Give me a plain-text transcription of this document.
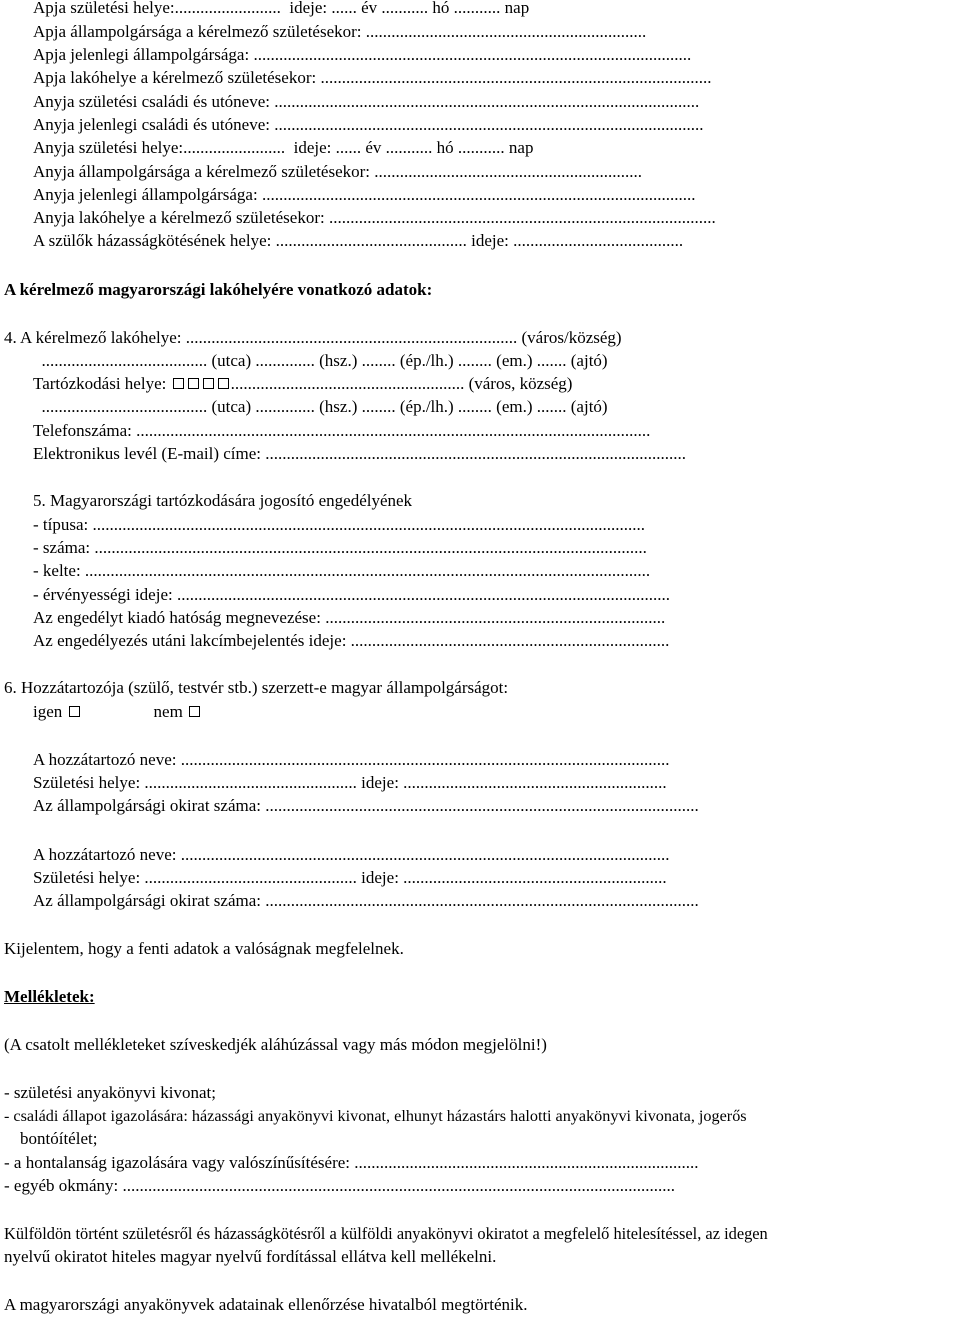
Apja születési helye:.........................  ideje: ...... év ........... hó ........... nap
Apja állampolgársága a kérelmező születésekor: ..................................................................
Apja jelenlegi állampolgársága: .......................................................................................................
Apja lakóhelye a kérelmező születésekor: ............................................................................................
Anyja születési családi és utóneve: ....................................................................................................
Anyja jelenlegi családi és utóneve: .....................................................................................................
Anyja születési helye:........................  ideje: ...... év ........... hó ........... nap
Anyja állampolgársága a kérelmező születésekor: ...............................................................
Anyja jelenlegi állampolgársága: ......................................................................................................
Anyja lakóhelye a kérelmező születésekor: ...........................................................................................
A szülők házasságkötésének helye: ............................................. ideje: ........................................
A kérelmező magyarországi lakóhelyére vonatkozó adatok:
4. A kérelmező lakóhelye: .............................................................................. (város/község)
....................................... (utca) .............. (hsz.) ........ (ép./lh.) ........ (em.) ....... (ajtó)
Tartózkodási helye:	....................................................... (város, község)
....................................... (utca) .............. (hsz.) ........ (ép./lh.) ........ (em.) ....... (ajtó)
Telefonszáma: .........................................................................................................................
Elektronikus levél (E-mail) címe: ...................................................................................................
5. Magyarországi tartózkodására jogosító engedélyének
- típusa: ..................................................................................................................................
- száma: ..................................................................................................................................
- kelte: .....................................................................................................................................
- érvényességi ideje: ....................................................................................................................
Az engedélyt kiadó hatóság megnevezése: ................................................................................
Az engedélyezés utáni lakcímbejelentés ideje: ...........................................................................
6. Hozzátartozója (szülő, testvér stb.) szerzett-e magyar állampolgárságot:
igen	nem
A hozzátartozó neve: ...................................................................................................................
Születési helye: .................................................. ideje: ..............................................................
Az állampolgársági okirat száma: ......................................................................................................
A hozzátartozó neve: ...................................................................................................................
Születési helye: .................................................. ideje: ..............................................................
Az állampolgársági okirat száma: ......................................................................................................
Kijelentem, hogy a fenti adatok a valóságnak megfelelnek.
Mellékletek:
(A csatolt mellékleteket szíveskedjék aláhúzással vagy más módon megjelölni!)
- születési anyakönyvi kivonat;
- családi állapot igazolására: házassági anyakönyvi kivonat, elhunyt házastárs halotti anyakönyvi kivonata, jogerős
bontóítélet;
- a hontalanság igazolására vagy valószínűsítésére: .................................................................................
- egyéb okmány: ..................................................................................................................................
Külföldön történt születésről és házasságkötésről a külföldi anyakönyvi okiratot a megfelelő hitelesítéssel, az idegen
nyelvű okiratot hiteles magyar nyelvű fordítással ellátva kell mellékelni.
A magyarországi anyakönyvek adatainak ellenőrzése hivatalból megtörténik.
